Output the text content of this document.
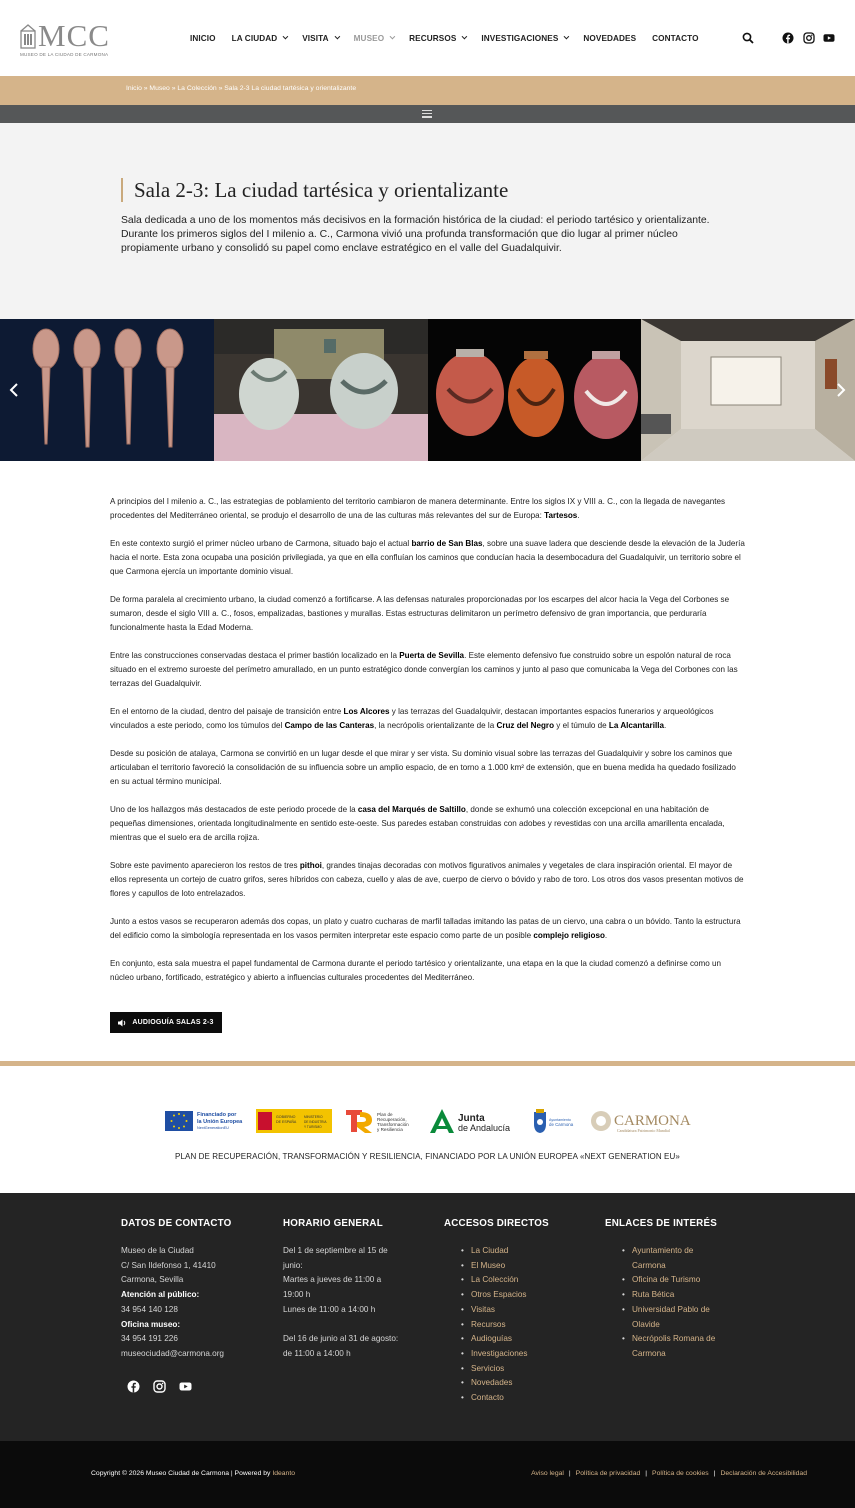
MCC
MUSEO DE LA CIUDAD DE CARMONA
INICIO LA CIUDAD	VISITA	MUSEO	RECURSOS	INVESTIGACIONES	NOVEDADES CONTACTO
Inicio » Museo » La Colección » Sala 2-3 La ciudad tartésica y orientalizante
Sala 2-3: La ciudad tartésica y orientalizante

Sala dedicada a uno de los momentos más decisivos en la formación histórica de la ciudad: el periodo tartésico y orientalizante. Durante los primeros siglos del I milenio a. C., Carmona vivió una profunda transformación que dio lugar al primer núcleo propiamente urbano y consolidó su papel como enclave estratégico en el valle del Guadalquivir.

A principios del I milenio a. C., las estrategias de poblamiento del territorio cambiaron de manera determinante. Entre los siglos IX y VIII a. C., con la llegada de navegantes procedentes del Mediterráneo oriental, se produjo el desarrollo de una de las culturas más relevantes del sur de Europa: Tartesos.

En este contexto surgió el primer núcleo urbano de Carmona, situado bajo el actual barrio de San Blas, sobre una suave ladera que desciende desde la elevación de la Judería hacia el norte. Esta zona ocupaba una posición privilegiada, ya que en ella confluían los caminos que conducían hacia la desembocadura del Guadalquivir, un territorio sobre el que Carmona ejercía un importante dominio visual.

De forma paralela al crecimiento urbano, la ciudad comenzó a fortificarse. A las defensas naturales proporcionadas por los escarpes del alcor hacia la Vega del Corbones se sumaron, desde el siglo VIII a. C., fosos, empalizadas, bastiones y murallas. Estas estructuras delimitaron un perímetro defensivo de gran importancia, que perduraría funcionalmente hasta la Edad Moderna.

Entre las construcciones conservadas destaca el primer bastión localizado en la Puerta de Sevilla. Este elemento defensivo fue construido sobre un espolón natural de roca situado en el extremo suroeste del perímetro amurallado, en un punto estratégico donde convergían los caminos y junto al paso que comunicaba la Vega del Corbones con las terrazas del Guadalquivir.

En el entorno de la ciudad, dentro del paisaje de transición entre Los Alcores y las terrazas del Guadalquivir, destacan importantes espacios funerarios y arqueológicos vinculados a este periodo, como los túmulos del Campo de las Canteras, la necrópolis orientalizante de la Cruz del Negro y el túmulo de La Alcantarilla.

Desde su posición de atalaya, Carmona se convirtió en un lugar desde el que mirar y ser vista. Su dominio visual sobre las terrazas del Guadalquivir y sobre los caminos que articulaban el territorio favoreció la consolidación de su influencia sobre un amplio espacio, de en torno a 1.000 km² de extensión, que en buena medida ha quedado fosilizado en su actual término municipal.

Uno de los hallazgos más destacados de este periodo procede de la casa del Marqués de Saltillo, donde se exhumó una colección excepcional en una habitación de pequeñas dimensiones, orientada longitudinalmente en sentido este-oeste. Sus paredes estaban construidas con adobes y revestidas con una arcilla amarillenta encalada, mientras que el suelo era de arcilla rojiza.

Sobre este pavimento aparecieron los restos de tres pithoi, grandes tinajas decoradas con motivos figurativos animales y vegetales de clara inspiración oriental. El mayor de ellos representa un cortejo de cuatro grifos, seres híbridos con cabeza, cuello y alas de ave, cuerpo de ciervo o bóvido y rabo de toro. Los otros dos vasos presentan motivos de flores y capullos de loto entrelazados.

Junto a estos vasos se recuperaron además dos copas, un plato y cuatro cucharas de marfil talladas imitando las patas de un ciervo, una cabra o un bóvido. Tanto la estructura del edificio como la simbología representada en los vasos permiten interpretar este espacio como parte de un posible complejo religioso.

En conjunto, esta sala muestra el papel fundamental de Carmona durante el periodo tartésico y orientalizante, una etapa en la que la ciudad comenzó a definirse como un núcleo urbano, fortificado, estratégico y abierto a influencias culturales procedentes del Mediterráneo.

AUDIOGUÍA SALAS 2-3
Financiado por
la Unión Europea
NextGenerationEU
GOBIERNO
DE ESPAÑA
MINISTERIO
DE INDUSTRIA
Y TURISMO
Plan de
Recuperación,
Transformación
y Resiliencia
Junta
de Andalucía
Ayuntamiento
de Carmona	CARMONA
Candidatura Patrimonio Mundial
PLAN DE RECUPERACIÓN, TRANSFORMACIÓN Y RESILIENCIA, FINANCIADO POR LA UNIÓN EUROPEA «NEXT GENERATION EU»
DATOS DE CONTACTO
Museo de la Ciudad
C/ San Ildefonso 1, 41410
Carmona, Sevilla
Atención al público:
34 954 140 128
Oficina museo:
34 954 191 226
museociudad@carmona.org
HORARIO GENERAL
Del 1 de septiembre al 15 de
junio:
Martes a jueves de 11:00 a
19:00 h
Lunes de 11:00 a 14:00 h
Del 16 de junio al 31 de agosto:
de 11:00 a 14:00 h
ACCESOS DIRECTOS
• La Ciudad
• El Museo
• La Colección
• Otros Espacios
• Visitas
• Recursos
• Audioguías
• Investigaciones
• Servicios
• Novedades
• Contacto
ENLACES DE INTERÉS
• Ayuntamiento de
Carmona
• Oficina de Turismo
• Ruta Bética
• Universidad Pablo de
Olavide
• Necrópolis Romana de
Carmona
Copyright © 2026 Museo Ciudad de Carmona | Powered by Ideanto	Aviso legal | Política de privacidad | Política de cookies | Declaración de Accesibilidad
